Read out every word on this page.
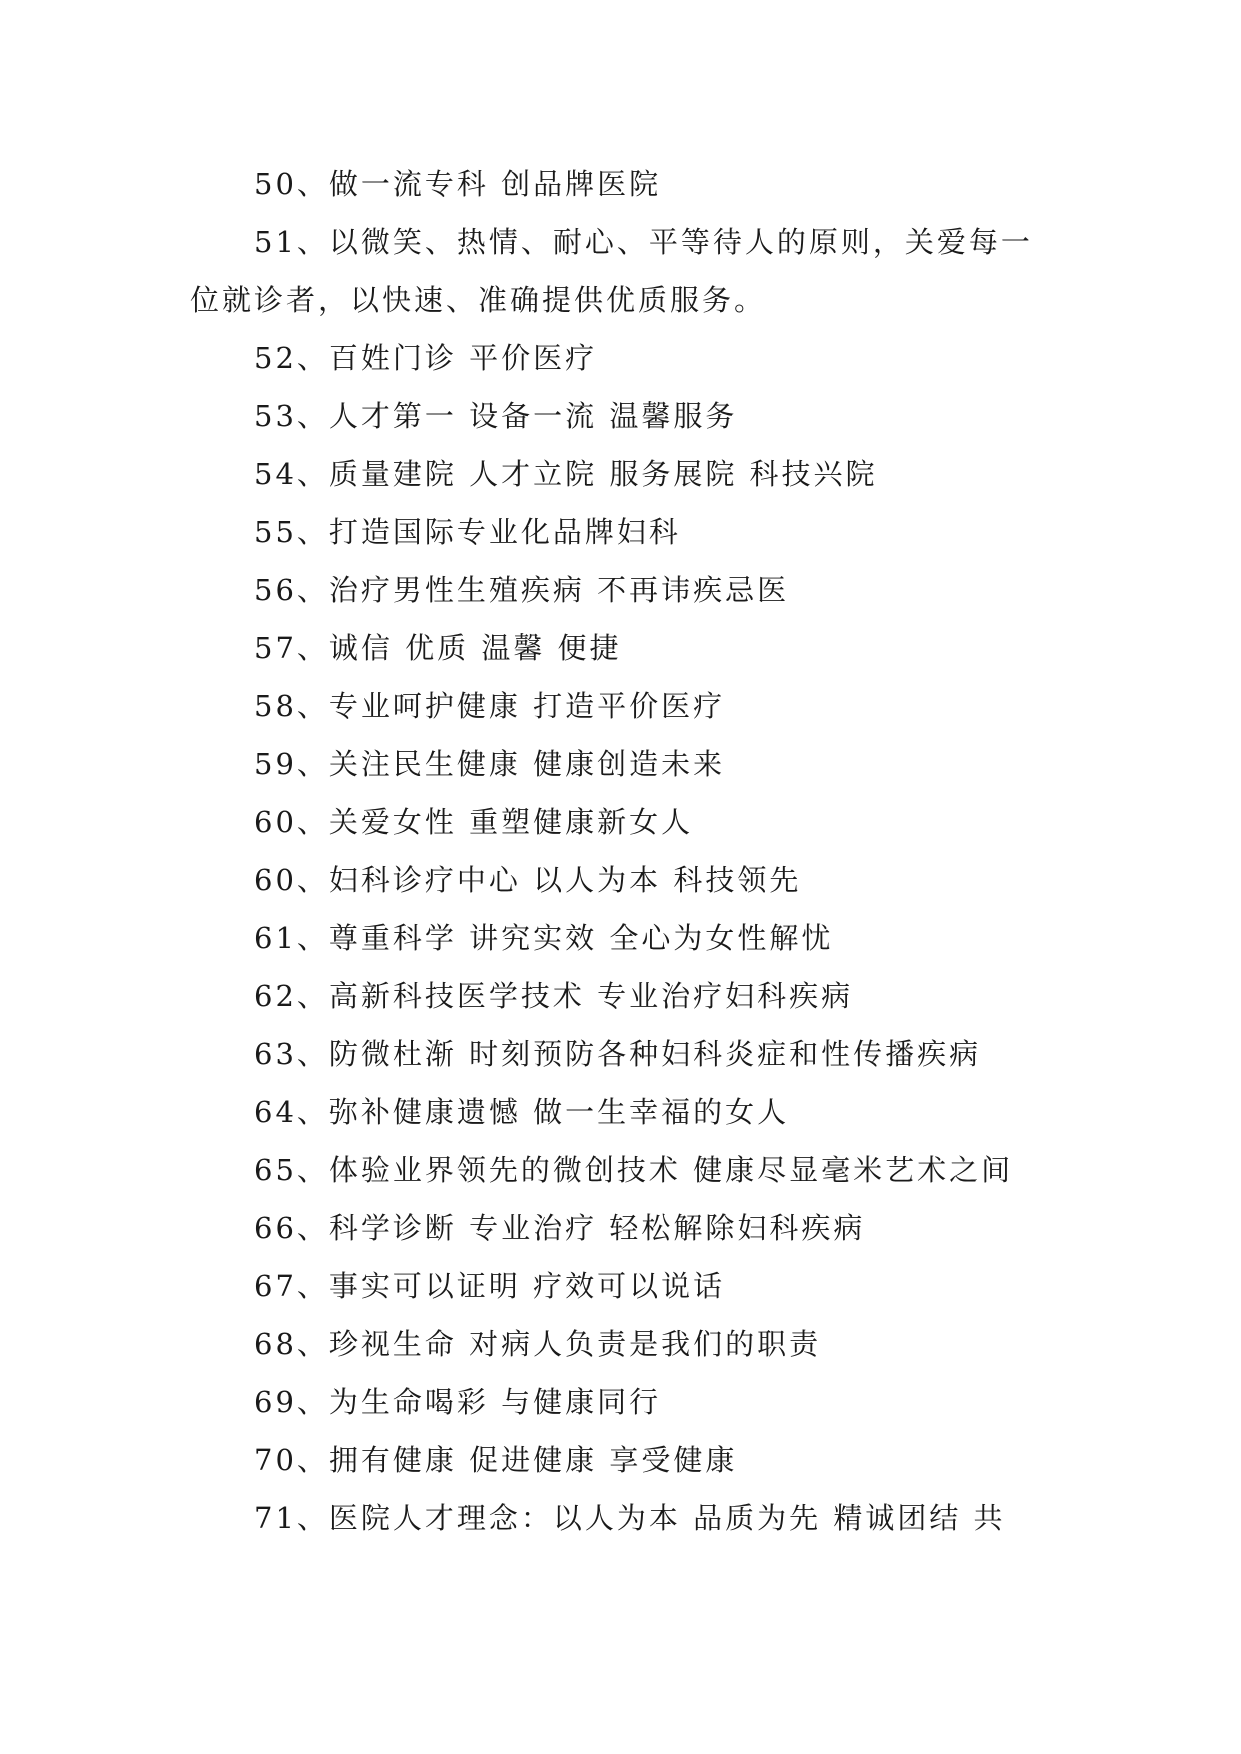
50、做一流专科 创品牌医院

51、以微笑、热情、耐心、平等待人的原则，关爱每一位就诊者，以快速、准确提供优质服务。

52、百姓门诊 平价医疗

53、人才第一 设备一流 温馨服务

54、质量建院 人才立院 服务展院 科技兴院

55、打造国际专业化品牌妇科

56、治疗男性生殖疾病 不再讳疾忌医

57、诚信 优质 温馨 便捷

58、专业呵护健康 打造平价医疗

59、关注民生健康 健康创造未来

60、关爱女性 重塑健康新女人

60、妇科诊疗中心 以人为本 科技领先

61、尊重科学 讲究实效 全心为女性解忧

62、高新科技医学技术 专业治疗妇科疾病

63、防微杜渐 时刻预防各种妇科炎症和性传播疾病

64、弥补健康遗憾 做一生幸福的女人

65、体验业界领先的微创技术 健康尽显毫米艺术之间

66、科学诊断 专业治疗 轻松解除妇科疾病

67、事实可以证明 疗效可以说话

68、珍视生命 对病人负责是我们的职责

69、为生命喝彩 与健康同行

70、拥有健康 促进健康 享受健康

71、医院人才理念：以人为本 品质为先 精诚团结 共
